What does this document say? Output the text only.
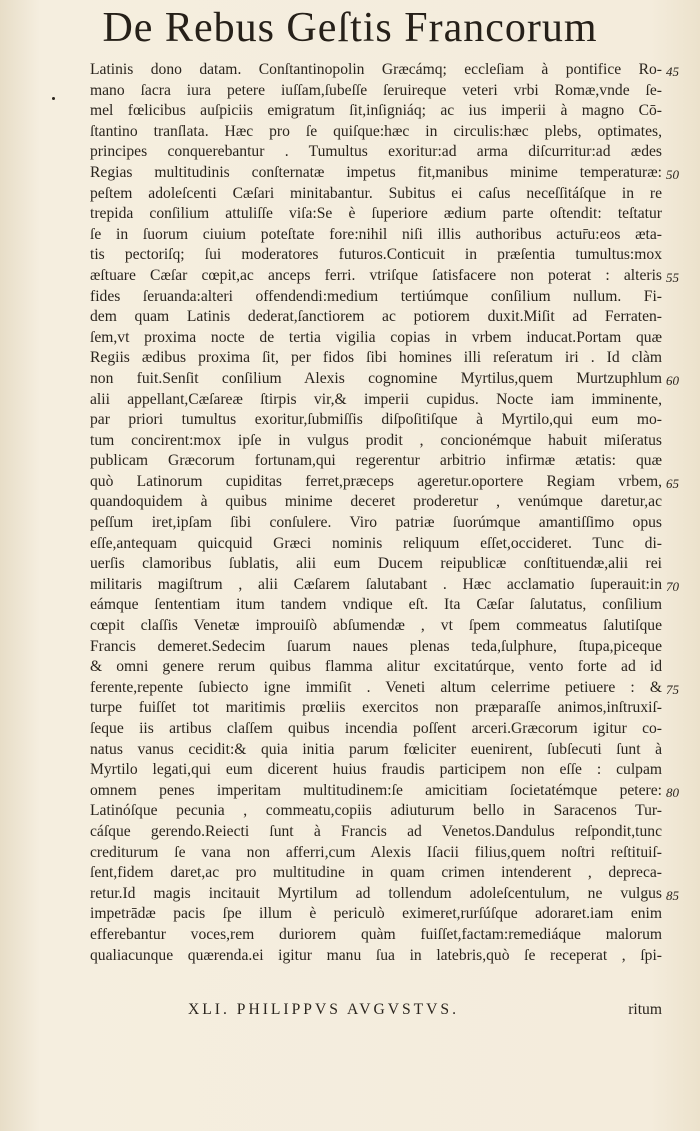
De Rebus Geſtis Francorum
Latinis dono datam. Conſtantinopolin Græcámq; eccleſiam à pontifice Ro-
mano ſacra iura petere iuſſam,ſubeſſe ſeruireque veteri vrbi Romæ,vnde ſe-
mel fœlicibus auſpiciis emigratum ſit,inſigniáq; ac ius imperii à magno Cō-
ſtantino tranſlata. Hæc pro ſe quiſque:hæc in circulis:hæc plebs, optimates,
principes conquerebantur . Tumultus exoritur:ad arma diſcurritur:ad ædes
Regias multitudinis conſternatæ impetus fit,manibus minime temperaturæ:
peſtem adoleſcenti Cæſari minitabantur. Subitus ei caſus neceſſitáſque in re
trepida conſilium attuliſſe viſa:Se è ſuperiore ædium parte oſtendit: teſtatur
ſe in ſuorum ciuium poteſtate fore:nihil niſi illis authoribus actur̄u:eos æta-
tis pectoriſq; ſui moderatores futuros.Conticuit in præſentia tumultus:mox
æſtuare Cæſar cœpit,ac anceps ferri. vtriſque ſatisfacere non poterat : alteris
fides ſeruanda:alteri offendendi:medium tertiúmque conſilium nullum. Fi-
dem quam Latinis dederat,ſanctiorem ac potiorem duxit.Miſit ad Ferraten-
ſem,vt proxima nocte de tertia vigilia copias in vrbem inducat.Portam quæ
Regiis ædibus proxima ſit, per fidos ſibi homines illi reſeratum iri . Id clàm
non fuit.Senſit conſilium Alexis cognomine Myrtilus,quem Murtzuphlum
alii appellant,Cæſareæ ſtirpis vir,& imperii cupidus. Nocte iam imminente,
par priori tumultus exoritur,ſubmiſſis diſpoſitiſque à Myrtilo,qui eum mo-
tum concirent:mox ipſe in vulgus prodit , concionémque habuit miſeratus
publicam Græcorum fortunam,qui regerentur arbitrio infirmæ ætatis: quæ
quò Latinorum cupiditas ferret,præceps ageretur.oportere Regiam vrbem,
quandoquidem à quibus minime deceret proderetur , venúmque daretur,ac
peſſum iret,ipſam ſibi conſulere. Viro patriæ ſuorúmque amantiſſimo opus
eſſe,antequam quicquid Græci nominis reliquum eſſet,occideret. Tunc di-
uerſis clamoribus ſublatis, alii eum Ducem reipublicæ conſtituendæ,alii rei
militaris magiſtrum , alii Cæſarem ſalutabant . Hæc acclamatio ſuperauit:in
eámque ſententiam itum tandem vndique eſt. Ita Cæſar ſalutatus, conſilium
cœpit claſſis Venetæ improuiſò abſumendæ , vt ſpem commeatus ſalutiſque
Francis demeret.Sedecim ſuarum naues plenas teda,ſulphure, ſtupa,piceque
& omni genere rerum quibus flamma alitur excitatúrque, vento forte ad id
ferente,repente ſubiecto igne immiſit . Veneti altum celerrime petiuere : &
turpe fuiſſet tot maritimis prœliis exercitos non præparaſſe animos,inſtruxiſ-
ſeque iis artibus claſſem quibus incendia poſſent arceri.Græcorum igitur co-
natus vanus cecidit:& quia initia parum fœliciter euenirent, ſubſecuti ſunt à
Myrtilo legati,qui eum dicerent huius fraudis participem non eſſe : culpam
omnem penes imperitam multitudinem:ſe amicitiam ſocietatémque petere:
Latinóſque pecunia , commeatu,copiis adiuturum bello in Saracenos Tur-
cáſque gerendo.Reiecti ſunt à Francis ad Venetos.Dandulus reſpondit,tunc
crediturum ſe vana non afferri,cum Alexis Iſacii filius,quem noſtri reſtituiſ-
ſent,fidem daret,ac pro multitudine in quam crimen intenderent , depreca-
retur.Id magis incitauit Myrtilum ad tollendum adoleſcentulum, ne vulgus
impetrādæ pacis ſpe illum è periculò eximeret,rurſúſque adoraret.iam enim
efferebantur voces,rem duriorem quàm fuiſſet,factam:remediáque malorum
qualiacunque quærenda.ei igitur manu ſua in latebris,quò ſe receperat , ſpi-
45
50
55
60
65
70
75
80
85
XLI. PHILIPPVS AVGVSTVS.	ritum
